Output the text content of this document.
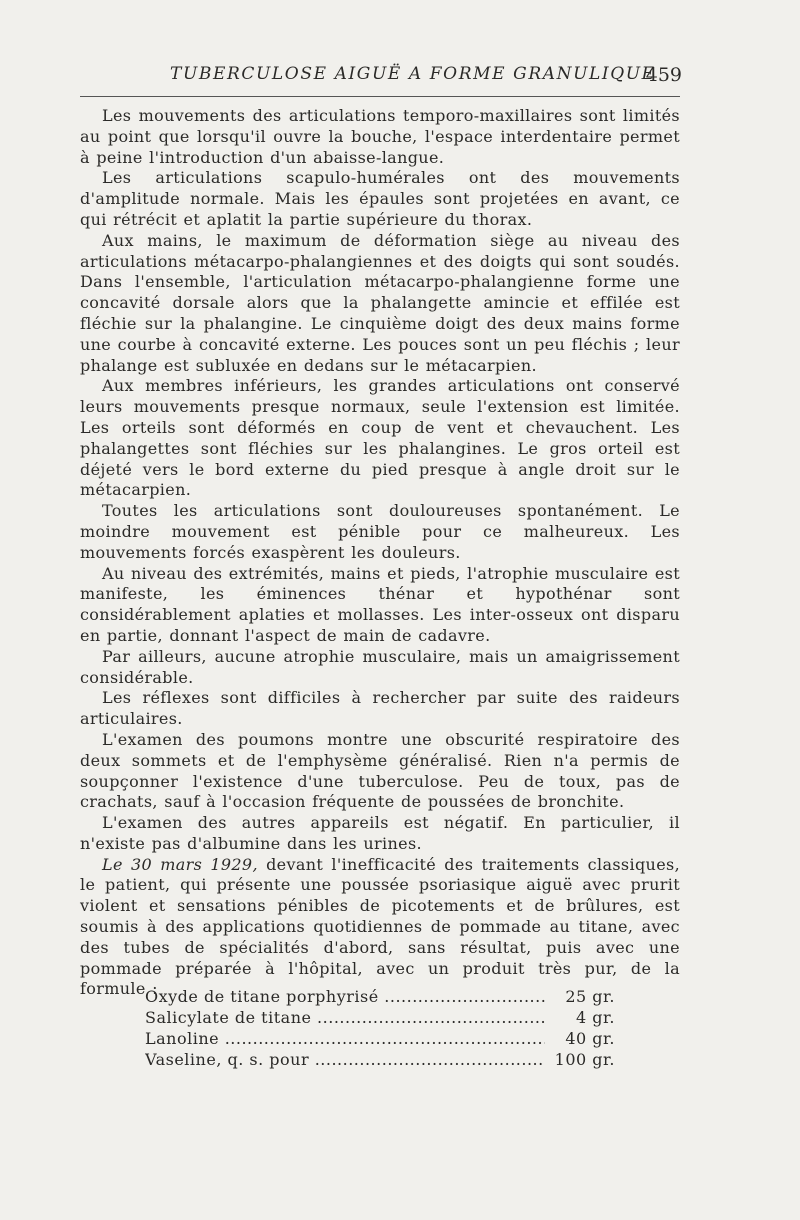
TUBERCULOSE AIGUË A FORME GRANULIQUE
459

Les mouvements des articulations temporo-maxillaires sont limités au point que lorsqu'il ouvre la bouche, l'espace interdentaire permet à peine l'introduction d'un abaisse-langue.

Les articulations scapulo-humérales ont des mouvements d'amplitude normale. Mais les épaules sont projetées en avant, ce qui rétrécit et aplatit la partie supérieure du thorax.

Aux mains, le maximum de déformation siège au niveau des articulations métacarpo-phalangiennes et des doigts qui sont soudés. Dans l'ensemble, l'articulation métacarpo-phalangienne forme une concavité dorsale alors que la phalangette amincie et effilée est fléchie sur la phalangine. Le cinquième doigt des deux mains forme une courbe à concavité externe. Les pouces sont un peu fléchis ; leur phalange est subluxée en dedans sur le métacarpien.

Aux membres inférieurs, les grandes articulations ont conservé leurs mouvements presque normaux, seule l'extension est limitée. Les orteils sont déformés en coup de vent et chevauchent. Les phalangettes sont fléchies sur les phalangines. Le gros orteil est déjeté vers le bord externe du pied presque à angle droit sur le métacarpien.

Toutes les articulations sont douloureuses spontanément. Le moindre mouvement est pénible pour ce malheureux. Les mouvements forcés exaspèrent les douleurs.

Au niveau des extrémités, mains et pieds, l'atrophie musculaire est manifeste, les éminences thénar et hypothénar sont considérablement aplaties et mollasses. Les inter-osseux ont disparu en partie, donnant l'aspect de main de cadavre.

Par ailleurs, aucune atrophie musculaire, mais un amaigrissement considérable.

Les réflexes sont difficiles à rechercher par suite des raideurs articulaires.

L'examen des poumons montre une obscurité respiratoire des deux sommets et de l'emphysème généralisé. Rien n'a permis de soupçonner l'existence d'une tuberculose. Peu de toux, pas de crachats, sauf à l'occasion fréquente de poussées de bronchite.

L'examen des autres appareils est négatif. En particulier, il n'existe pas d'albumine dans les urines.

Le 30 mars 1929, devant l'inefficacité des traitements classiques, le patient, qui présente une poussée psoriasique aiguë avec prurit violent et sensations pénibles de picotements et de brûlures, est soumis à des applications quotidiennes de pommade au titane, avec des tubes de spécialités d'abord, sans résultat, puis avec une pommade préparée à l'hôpital, avec un produit très pur, de la formule :

Oxyde de titane porphyrisé .....	25 gr.
Salicylate de titane .....	4 gr.
Lanoline .....	40 gr.
Vaseline, q. s. pour .....	100 gr.
